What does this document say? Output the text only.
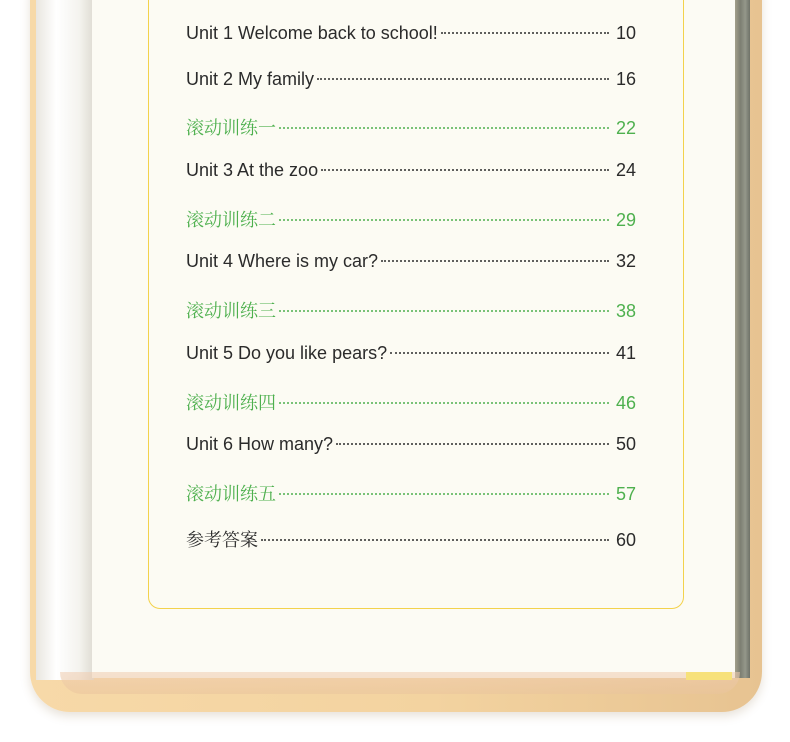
Unit 1 Welcome back to school!	10
Unit 2 My family	16
滚动训练一	22
Unit 3 At the zoo	24
滚动训练二	29
Unit 4 Where is my car?	32
滚动训练三	38
Unit 5 Do you like pears?	41
滚动训练四	46
Unit 6 How many?	50
滚动训练五	57
参考答案	60
